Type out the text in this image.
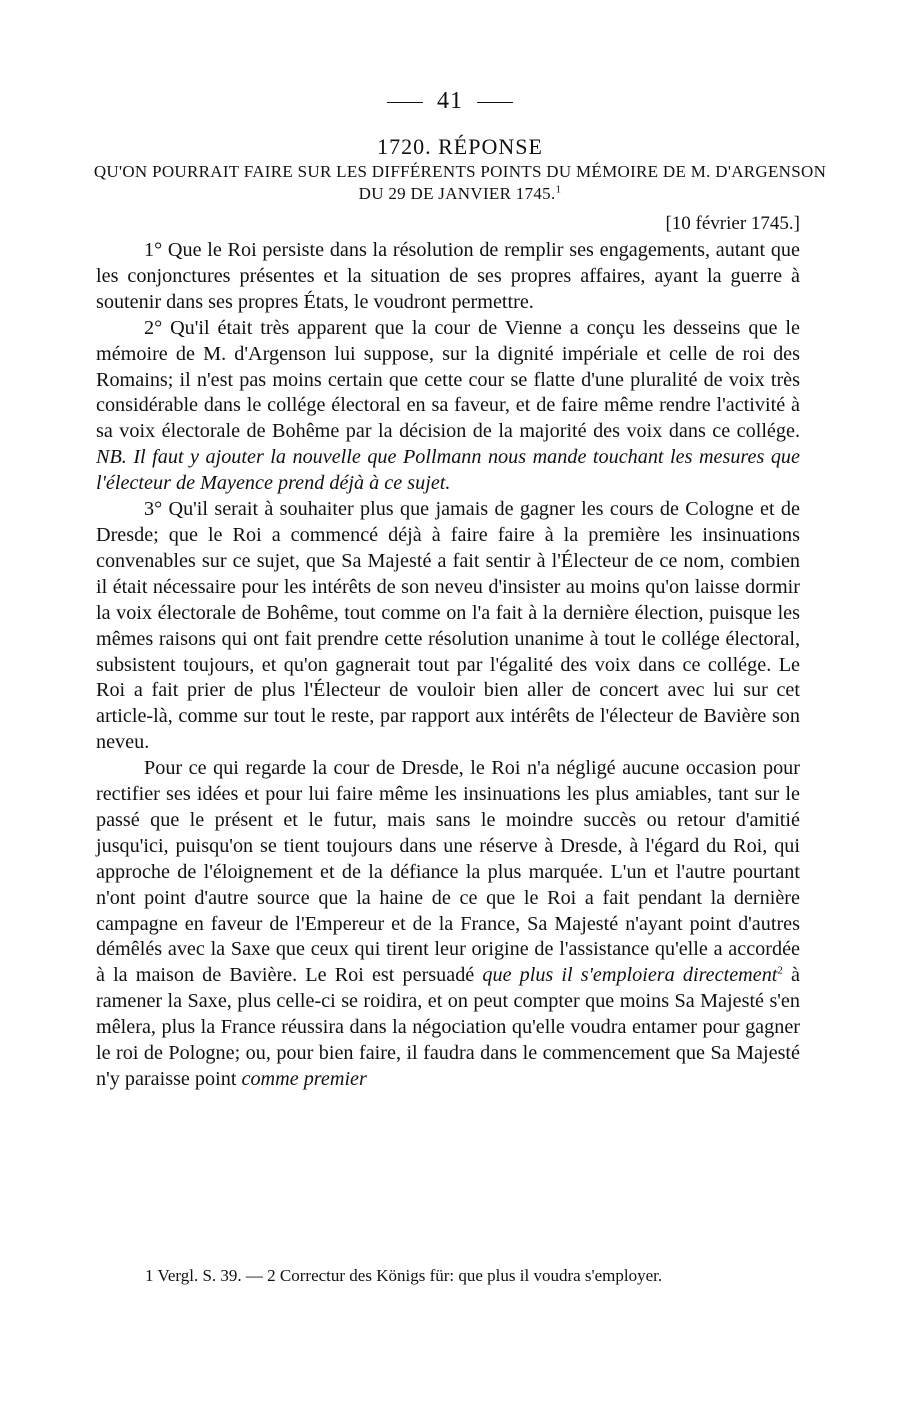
41
1720. RÉPONSE
QU'ON POURRAIT FAIRE SUR LES DIFFÉRENTS POINTS DU MÉMOIRE DE M. D'ARGENSON DU 29 DE JANVIER 1745.$^1$
[10 février 1745.]

1° Que le Roi persiste dans la résolution de remplir ses engagements, autant que les conjonctures présentes et la situation de ses propres affaires, ayant la guerre à soutenir dans ses propres États, le voudront permettre.

2° Qu'il était très apparent que la cour de Vienne a conçu les desseins que le mémoire de M. d'Argenson lui suppose, sur la dignité impériale et celle de roi des Romains; il n'est pas moins certain que cette cour se flatte d'une pluralité de voix très considérable dans le collége électoral en sa faveur, et de faire même rendre l'activité à sa voix électorale de Bohême par la décision de la majorité des voix dans ce collége. NB. Il faut y ajouter la nouvelle que Pollmann nous mande touchant les mesures que l'électeur de Mayence prend déjà à ce sujet.

3° Qu'il serait à souhaiter plus que jamais de gagner les cours de Cologne et de Dresde; que le Roi a commencé déjà à faire faire à la première les insinuations convenables sur ce sujet, que Sa Majesté a fait sentir à l'Électeur de ce nom, combien il était nécessaire pour les intérêts de son neveu d'insister au moins qu'on laisse dormir la voix électorale de Bohême, tout comme on l'a fait à la dernière élection, puisque les mêmes raisons qui ont fait prendre cette résolution unanime à tout le collége électoral, subsistent toujours, et qu'on gagnerait tout par l'égalité des voix dans ce collége. Le Roi a fait prier de plus l'Électeur de vouloir bien aller de concert avec lui sur cet article-là, comme sur tout le reste, par rapport aux intérêts de l'électeur de Bavière son neveu.

Pour ce qui regarde la cour de Dresde, le Roi n'a négligé aucune occasion pour rectifier ses idées et pour lui faire même les insinuations les plus amiables, tant sur le passé que le présent et le futur, mais sans le moindre succès ou retour d'amitié jusqu'ici, puisqu'on se tient toujours dans une réserve à Dresde, à l'égard du Roi, qui approche de l'éloignement et de la défiance la plus marquée. L'un et l'autre pourtant n'ont point d'autre source que la haine de ce que le Roi a fait pendant la dernière campagne en faveur de l'Empereur et de la France, Sa Majesté n'ayant point d'autres démêlés avec la Saxe que ceux qui tirent leur origine de l'assistance qu'elle a accordée à la maison de Bavière. Le Roi est persuadé que plus il s'emploiera directement$^2$ à ramener la Saxe, plus celle-ci se roidira, et on peut compter que moins Sa Majesté s'en mêlera, plus la France réussira dans la négociation qu'elle voudra entamer pour gagner le roi de Pologne; ou, pour bien faire, il faudra dans le commencement que Sa Majesté n'y paraisse point comme premier

1 Vergl. S. 39. — 2 Correctur des Königs für: que plus il voudra s'employer.
